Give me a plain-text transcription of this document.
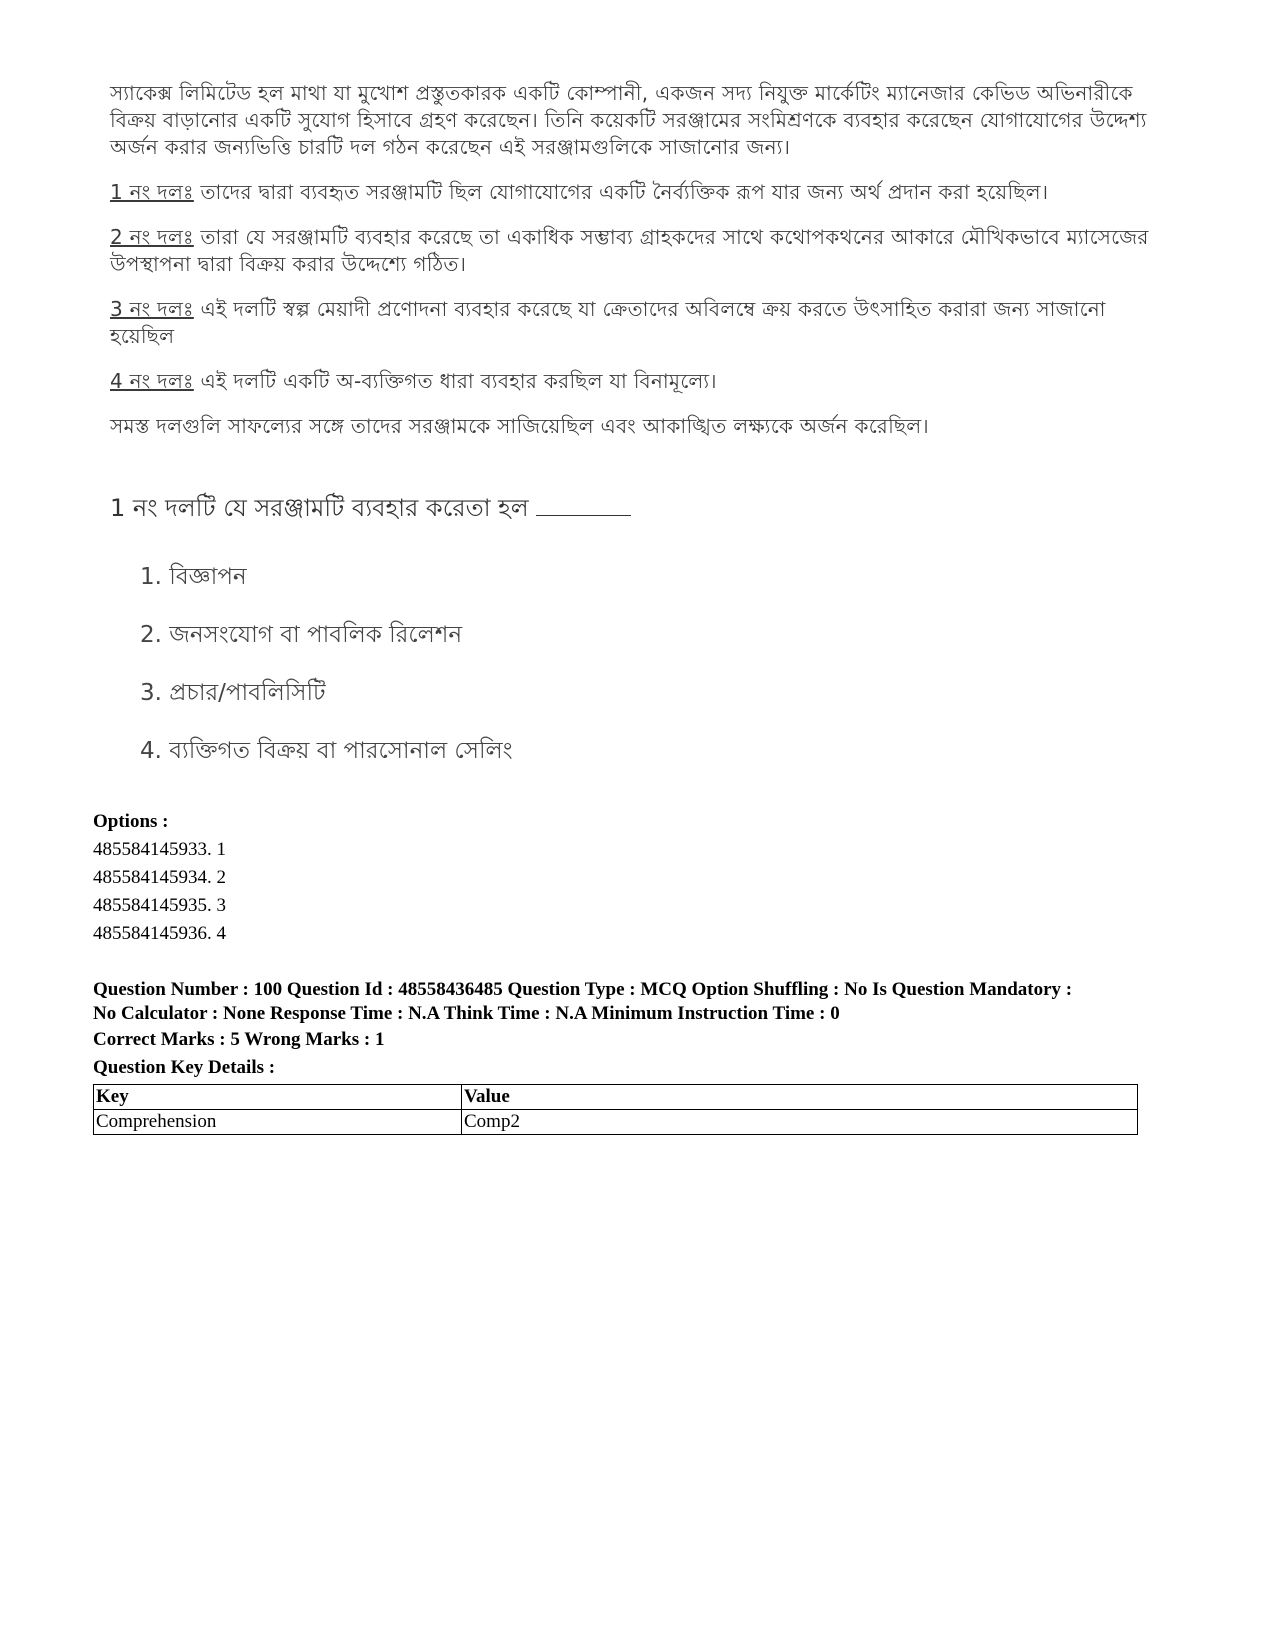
স্যাকেক্স লিমিটেড হল মাথা যা মুখোশ প্রস্তুতকারক একটি কোম্পানী, একজন সদ্য নিযুক্ত মার্কেটিং ম্যানেজার কেভিড অভিনারীকে বিক্রয় বাড়ানোর একটি সুযোগ হিসাবে গ্রহণ করেছেন। তিনি কয়েকটি সরঞ্জামের সংমিশ্রণকে ব্যবহার করেছেন যোগাযোগের উদ্দেশ্য অর্জন করার জন্যভিত্তি চারটি দল গঠন করেছেন এই সরঞ্জামগুলিকে সাজানোর জন্য।

1 নং দলঃ তাদের দ্বারা ব্যবহৃত সরঞ্জামটি ছিল যোগাযোগের একটি নৈর্ব্যক্তিক রূপ যার জন্য অর্থ প্রদান করা হয়েছিল।

2 নং দলঃ তারা যে সরঞ্জামটি ব্যবহার করেছে তা একাধিক সম্ভাব্য গ্রাহকদের সাথে কথোপকথনের আকারে মৌখিকভাবে ম্যাসেজের উপস্থাপনা দ্বারা বিক্রয় করার উদ্দেশ্যে গঠিত।

3 নং দলঃ এই দলটি স্বল্প মেয়াদী প্রণোদনা ব্যবহার করেছে যা ক্রেতাদের অবিলম্বে ক্রয় করতে উৎসাহিত করারা জন্য সাজানো হয়েছিল

4 নং দলঃ এই দলটি একটি অ-ব্যক্তিগত ধারা ব্যবহার করছিল যা বিনামূল্যে।

সমস্ত দলগুলি সাফল্যের সঙ্গে তাদের সরঞ্জামকে সাজিয়েছিল এবং আকাঙ্খিত লক্ষ্যকে অর্জন করেছিল।

1 নং দলটি যে সরঞ্জামটি ব্যবহার করেতা হল
1. বিজ্ঞাপন
2. জনসংযোগ বা পাবলিক রিলেশন
3. প্রচার/পাবলিসিটি
4. ব্যক্তিগত বিক্রয় বা পারসোনাল সেলিং
Options :
485584145933. 1
485584145934. 2
485584145935. 3
485584145936. 4
Question Number : 100 Question Id : 48558436485 Question Type : MCQ Option Shuffling : No Is Question Mandatory :
No Calculator : None Response Time : N.A Think Time : N.A Minimum Instruction Time : 0
Correct Marks : 5 Wrong Marks : 1
Question Key Details :
Key	Value
Comprehension	Comp2
